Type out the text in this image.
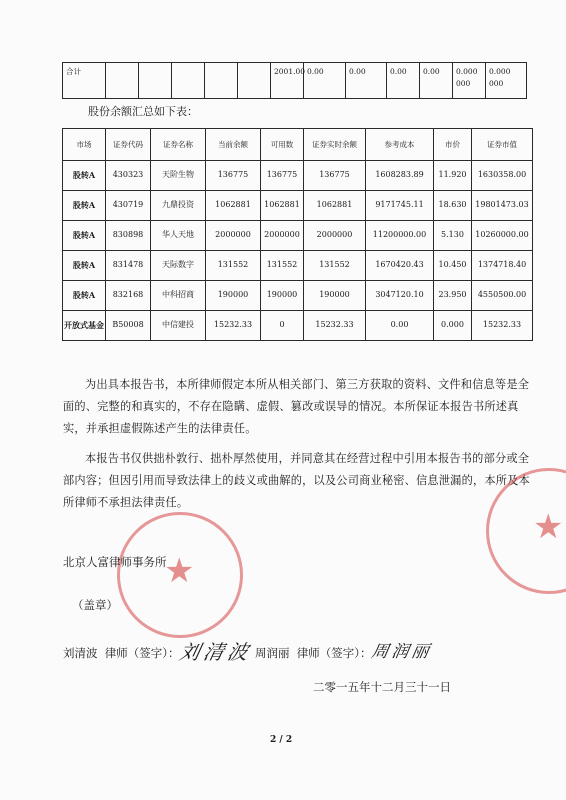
合计						2001.00	0.00	0.00	0.00	0.00	0.000 000	0.000 000
股份余额汇总如下表：
市场	证券代码	证券名称	当前余额	可用数	证券实时余额	参考成本	市价	证券市值
股转A	430323	天阶生物	136775	136775	136775	1608283.89	11.920	1630358.00
股转A	430719	九鼎投资	1062881	1062881	1062881	9171745.11	18.630	19801473.03
股转A	830898	华人天地	2000000	2000000	2000000	11200000.00	5.130	10260000.00
股转A	831478	天际数字	131552	131552	131552	1670420.43	10.450	1374718.40
股转A	832168	中科招商	190000	190000	190000	3047120.10	23.950	4550500.00
开放式基金	B50008	中信建投	15232.33	0	15232.33	0.00	0.000	15232.33
为出具本报告书，本所律师假定本所从相关部门、第三方获取的资料、文件和信息等是全面的、完整的和真实的，不存在隐瞒、虚假、篡改或误导的情况。本所保证本报告书所述真实，并承担虚假陈述产生的法律责任。
本报告书仅供拙朴敦行、拙朴厚然使用，并同意其在经营过程中引用本报告书的部分或全部内容；但因引用而导致法律上的歧义或曲解的，以及公司商业秘密、信息泄漏的，本所及本所律师不承担法律责任。
★
★
北京人富律师事务所
（盖章）
刘清波  律师（签字）：
刘清波 周润丽  律师（签字）：
周润丽
二零一五年十二月三十一日
2 / 2
